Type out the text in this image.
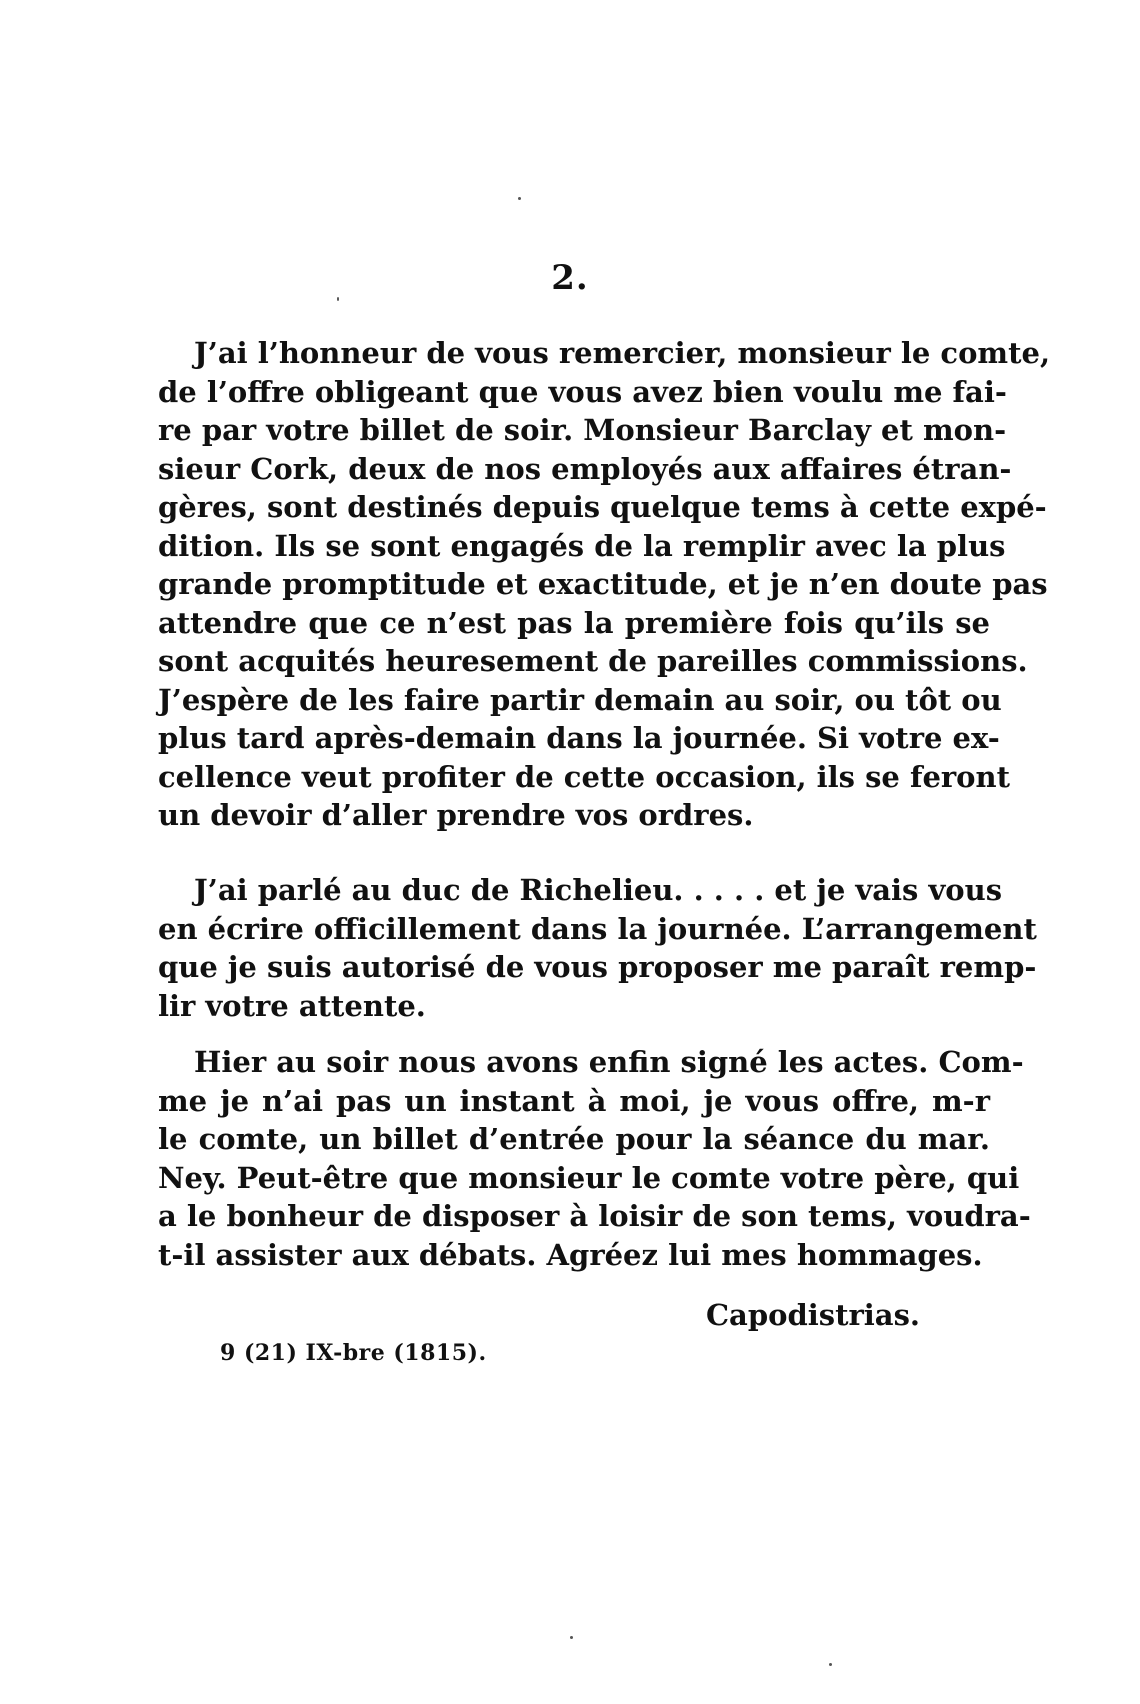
2.
J’ai l’honneur de vous remercier, monsieur le comte,
de l’offre obligeant que vous avez bien voulu me fai-
re par votre billet de soir. Monsieur Barclay et mon-
sieur Cork, deux de nos employés aux affaires étran-
gères, sont destinés depuis quelque tems à cette expé-
dition. Ils se sont engagés de la remplir avec la plus
grande promptitude et exactitude, et je n’en doute pas
attendre que ce n’est pas la première fois qu’ils se
sont acquités heuresement de pareilles commissions.
J’espère de les faire partir demain au soir, ou tôt ou
plus tard après-demain dans la journée. Si votre ex-
cellence veut profiter de cette occasion, ils se feront
un devoir d’aller prendre vos ordres.
J’ai parlé au duc de Richelieu. . . . . et je vais vous
en écrire officillement dans la journée. L’arrangement
que je suis autorisé de vous proposer me paraît remp-
lir votre attente.
Hier au soir nous avons enfin signé les actes. Com-
me je n’ai pas un instant à moi, je vous offre, m-r
le comte, un billet d’entrée pour la séance du mar.
Ney. Peut-être que monsieur le comte votre père, qui
a le bonheur de disposer à loisir de son tems, voudra-
t-il assister aux débats. Agréez lui mes hommages.
Capodistrias.
9 (21) IX-bre (1815).
